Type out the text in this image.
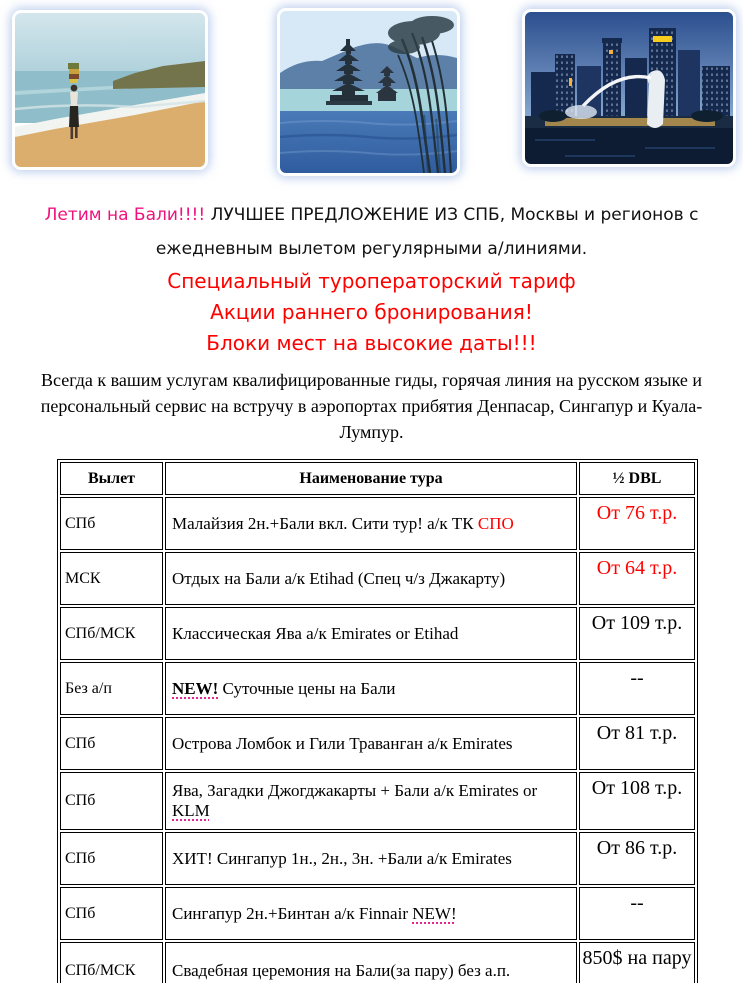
Летим на Бали!!!! ЛУЧШЕЕ ПРЕДЛОЖЕНИЕ ИЗ СПБ, Москвы и регионов с
ежедневным вылетом регулярными а/линиями.
Специальный туроператорский тариф
Акции раннего бронирования!
Блоки мест на высокие даты!!!

Всегда к вашим услугам квалифицированные гиды, горячая линия на русском языке и персональный сервис на встручу в аэропортах прибятия Денпасар, Сингапур и Куала-Лумпур.

Вылет	Наименование тура	½ DBL
СПб	Малайзия 2н.+Бали вкл. Сити тур! а/к ТК СПО	От 76 т.р.
МСК	Отдых на Бали а/к Etihad (Спец ч/з Джакарту)	От 64 т.р.
СПб/МСК	Классическая Ява а/к Emirates or Etihad	От 109 т.р.
Без а/п	NEW! Суточные цены на Бали	--
СПб	Острова Ломбок и Гили Траванган а/к Emirates	От 81 т.р.
СПб	Ява, Загадки Джогджакарты + Бали а/к Emirates or KLM	От 108 т.р.
СПб	ХИТ! Сингапур 1н., 2н., 3н. +Бали а/к Emirates	От 86 т.р.
СПб	Сингапур 2н.+Бинтан а/к Finnair NEW!	--
СПб/МСК	Свадебная церемония на Бали(за пару) без а.п.	850$ на пару
